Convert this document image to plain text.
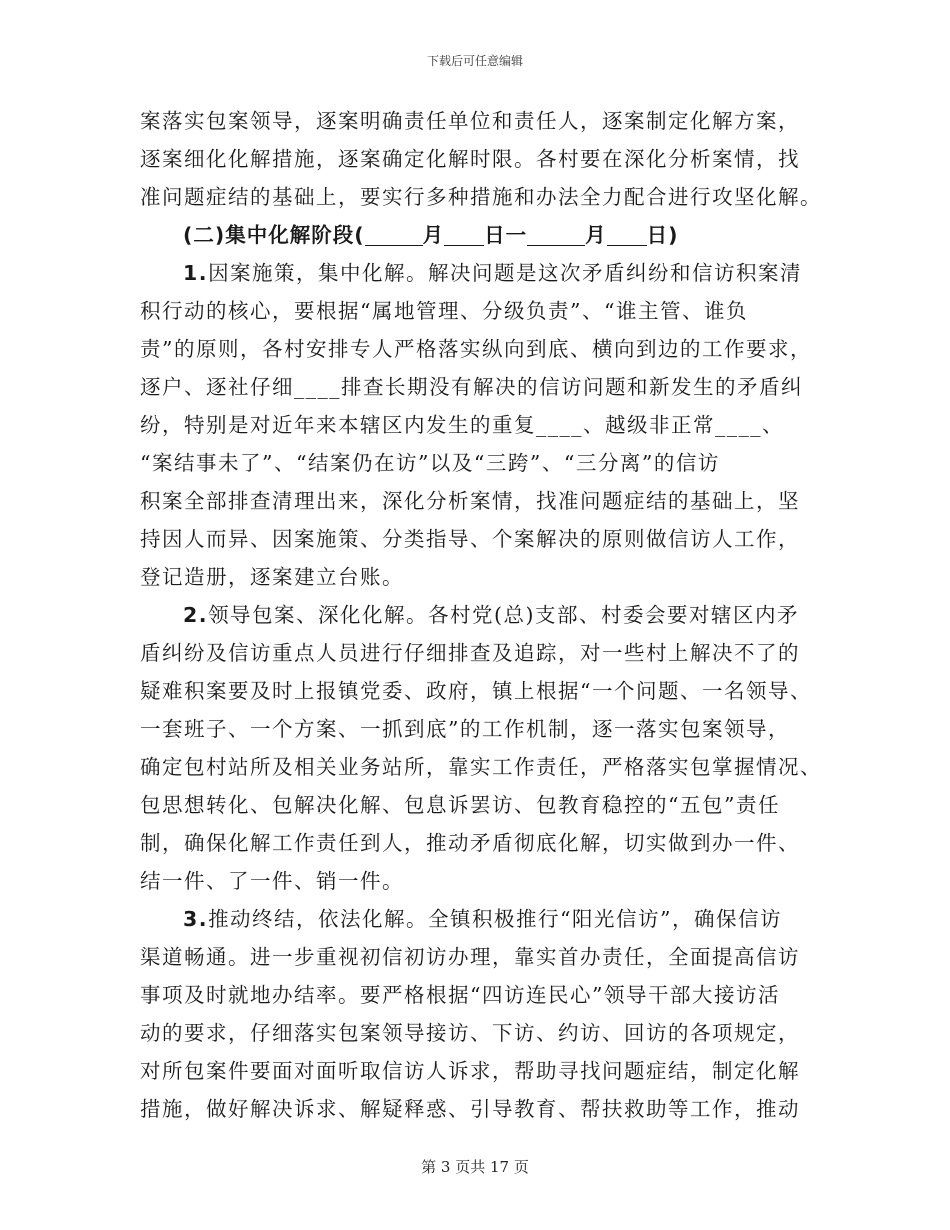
下载后可任意编辑
案落实包案领导，逐案明确责任单位和责任人，逐案制定化解方案，
逐案细化化解措施，逐案确定化解时限。各村要在深化分析案情，找
准问题症结的基础上，要实行多种措施和办法全力配合进行攻坚化解。
(二)集中化解阶段(	月 日一	月 日)
1.因案施策，集中化解。解决问题是这次矛盾纠纷和信访积案清
积行动的核心，要根据“属地管理、分级负责”、“谁主管、谁负
责”的原则，各村安排专人严格落实纵向到底、横向到边的工作要求，
逐户、逐社仔细____排查长期没有解决的信访问题和新发生的矛盾纠
纷，特别是对近年来本辖区内发生的重复____、越级非正常____、
“案结事未了”、“结案仍在访”以及“三跨”、“三分离”的信访
积案全部排查清理出来，深化分析案情，找准问题症结的基础上，坚
持因人而异、因案施策、分类指导、个案解决的原则做信访人工作，
登记造册，逐案建立台账。
2.领导包案、深化化解。各村党(总)支部、村委会要对辖区内矛
盾纠纷及信访重点人员进行仔细排查及追踪，对一些村上解决不了的
疑难积案要及时上报镇党委、政府，镇上根据“一个问题、一名领导、
一套班子、一个方案、一抓到底”的工作机制，逐一落实包案领导，
确定包村站所及相关业务站所，靠实工作责任，严格落实包掌握情况、
包思想转化、包解决化解、包息诉罢访、包教育稳控的“五包”责任
制，确保化解工作责任到人，推动矛盾彻底化解，切实做到办一件、
结一件、了一件、销一件。
3.推动终结，依法化解。全镇积极推行“阳光信访”，确保信访
渠道畅通。进一步重视初信初访办理，靠实首办责任，全面提高信访
事项及时就地办结率。要严格根据“四访连民心”领导干部大接访活
动的要求，仔细落实包案领导接访、下访、约访、回访的各项规定，
对所包案件要面对面听取信访人诉求，帮助寻找问题症结，制定化解
措施，做好解决诉求、解疑释惑、引导教育、帮扶救助等工作，推动
第 3 页共 17 页
